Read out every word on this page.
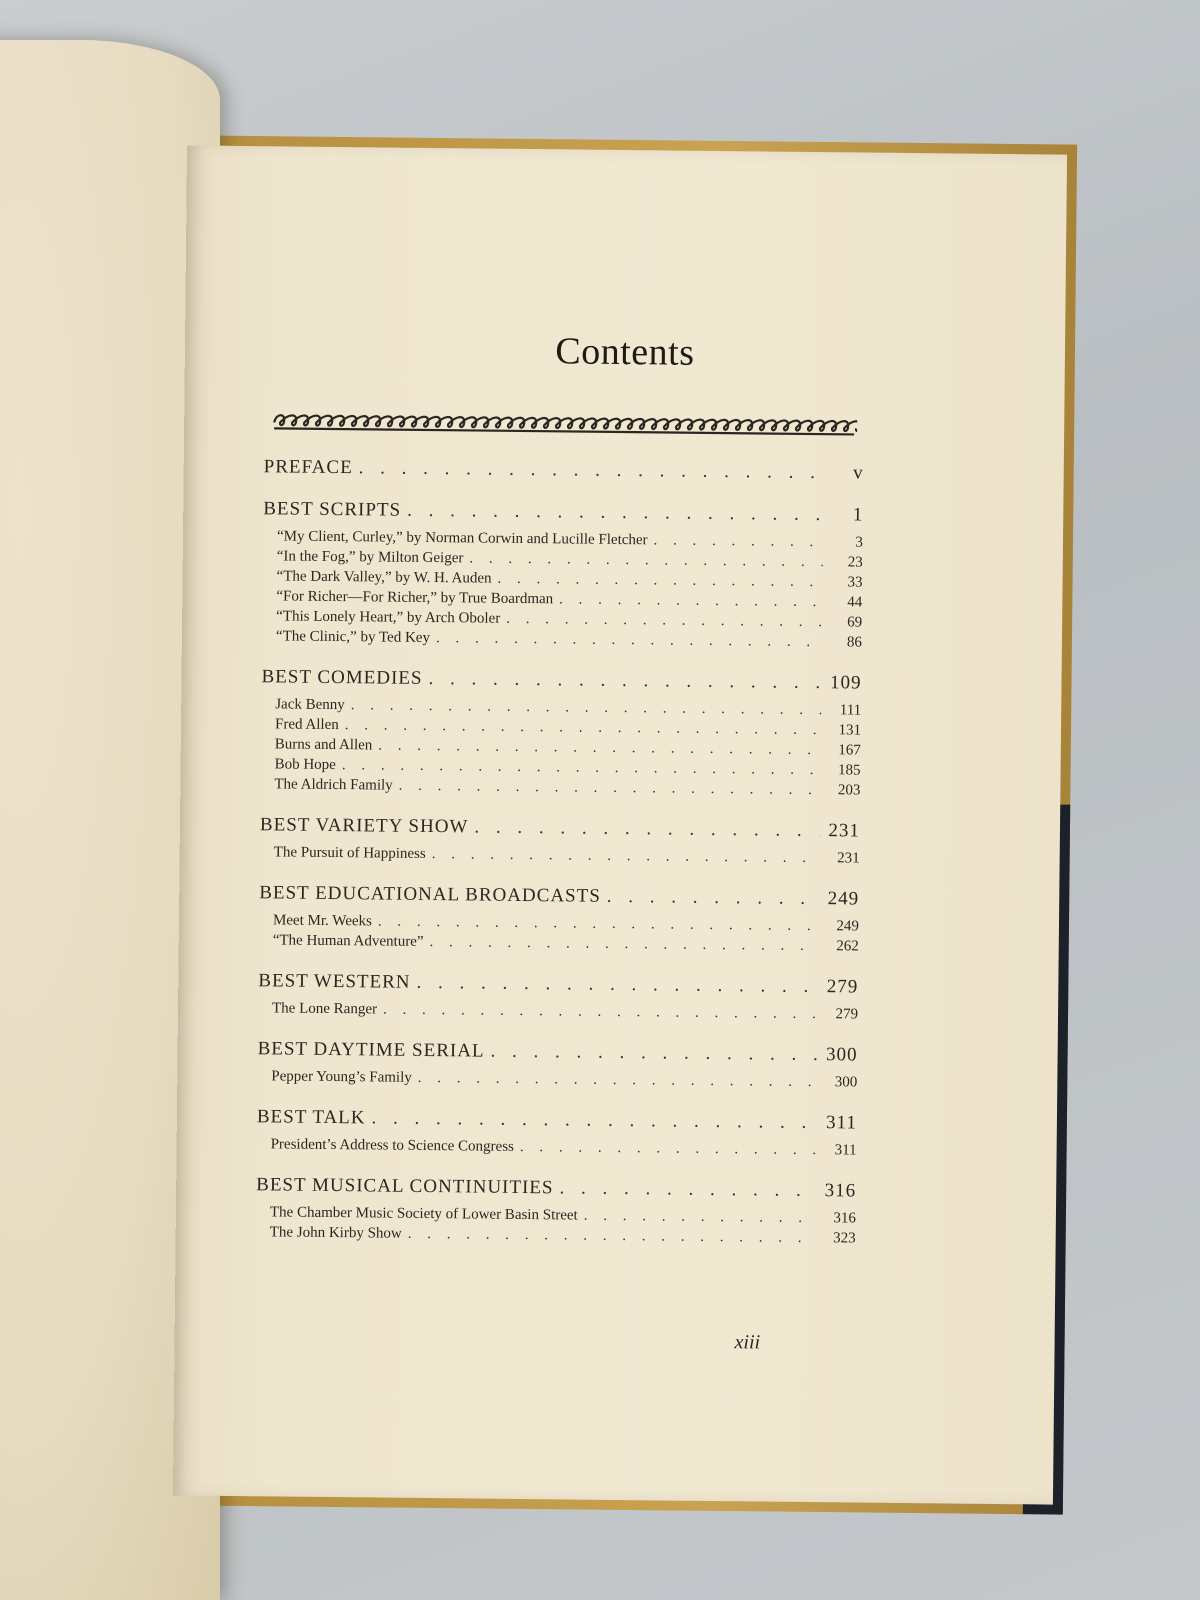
Contents
PREFACE . . .	v
BEST SCRIPTS . . .	1
“My Client, Curley,” by Norman Corwin and Lucille Fletcher . . .	3
“In the Fog,” by Milton Geiger . . .	23
“The Dark Valley,” by W. H. Auden . . .	33
“For Richer—For Richer,” by True Boardman . . .	44
“This Lonely Heart,” by Arch Oboler . . .	69
“The Clinic,” by Ted Key . . .	86
BEST COMEDIES . . .	109
Jack Benny . . .	111
Fred Allen . . .	131
Burns and Allen . . .	167
Bob Hope . . .	185
The Aldrich Family . . .	203
BEST VARIETY SHOW . . .	231
The Pursuit of Happiness . . .	231
BEST EDUCATIONAL BROADCASTS . . .	249
Meet Mr. Weeks . . .	249
“The Human Adventure” . . .	262
BEST WESTERN . . .	279
The Lone Ranger . . .	279
BEST DAYTIME SERIAL . . .	300
Pepper Young’s Family . . .	300
BEST TALK . . .	311
President’s Address to Science Congress . . .	311
BEST MUSICAL CONTINUITIES . . .	316
The Chamber Music Society of Lower Basin Street . . .	316
The John Kirby Show . . .	323
xiii
